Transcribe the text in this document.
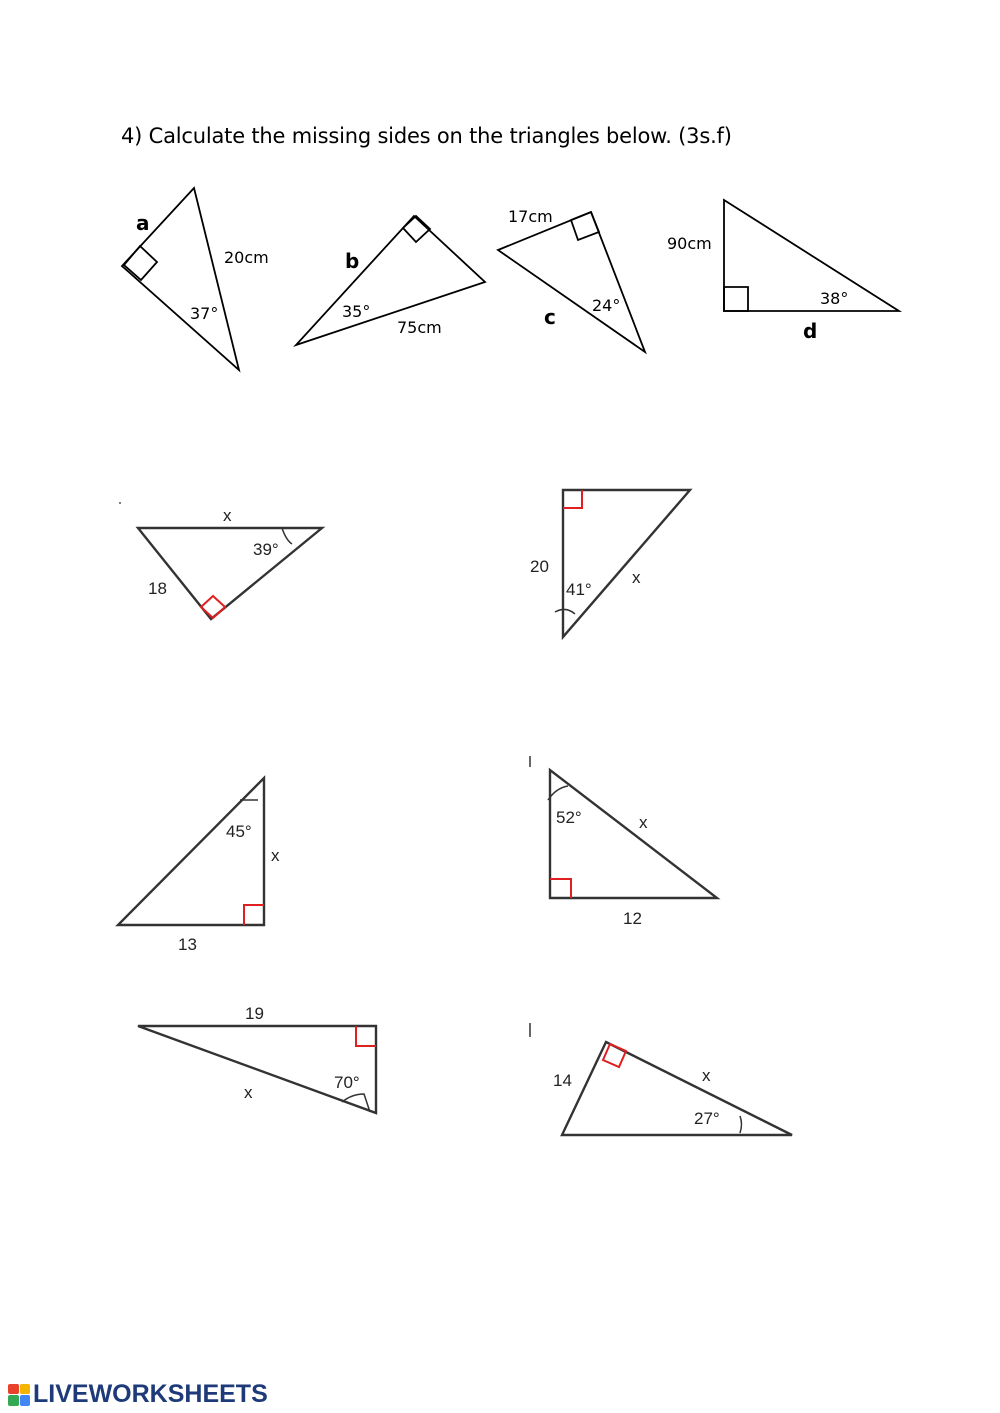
4) Calculate the missing sides on the triangles below. (3s.f)
a
20cm
37°
b
35°
75cm
17cm
c 24°
90cm
38°
d
x
39°
18
20
41°
x
45°
x
13
52°	x
12
19
x
70°	14	x
27°
LIVEWORKSHEETS
